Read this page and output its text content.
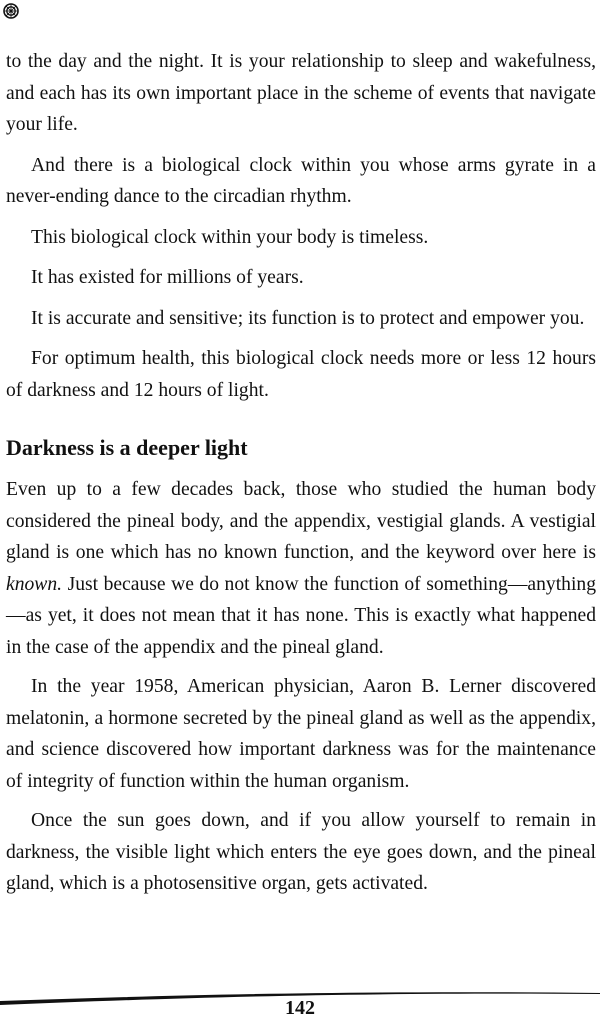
to the day and the night. It is your relationship to sleep and wakefulness, and each has its own important place in the scheme of events that navigate your life.

And there is a biological clock within you whose arms gyrate in a never-ending dance to the circadian rhythm.

This biological clock within your body is timeless.

It has existed for millions of years.

It is accurate and sensitive; its function is to protect and empower you.

For optimum health, this biological clock needs more or less 12 hours of darkness and 12 hours of light.

Darkness is a deeper light

Even up to a few decades back, those who studied the human body considered the pineal body, and the appendix, vestigial glands. A vestigial gland is one which has no known function, and the keyword over here is known. Just because we do not know the function of something—anything—as yet, it does not mean that it has none. This is exactly what happened in the case of the appendix and the pineal gland.

In the year 1958, American physician, Aaron B. Lerner discovered melatonin, a hormone secreted by the pineal gland as well as the appendix, and science discovered how important darkness was for the maintenance of integrity of function within the human organism.

Once the sun goes down, and if you allow yourself to remain in darkness, the visible light which enters the eye goes down, and the pineal gland, which is a photosensitive organ, gets activated.

142
